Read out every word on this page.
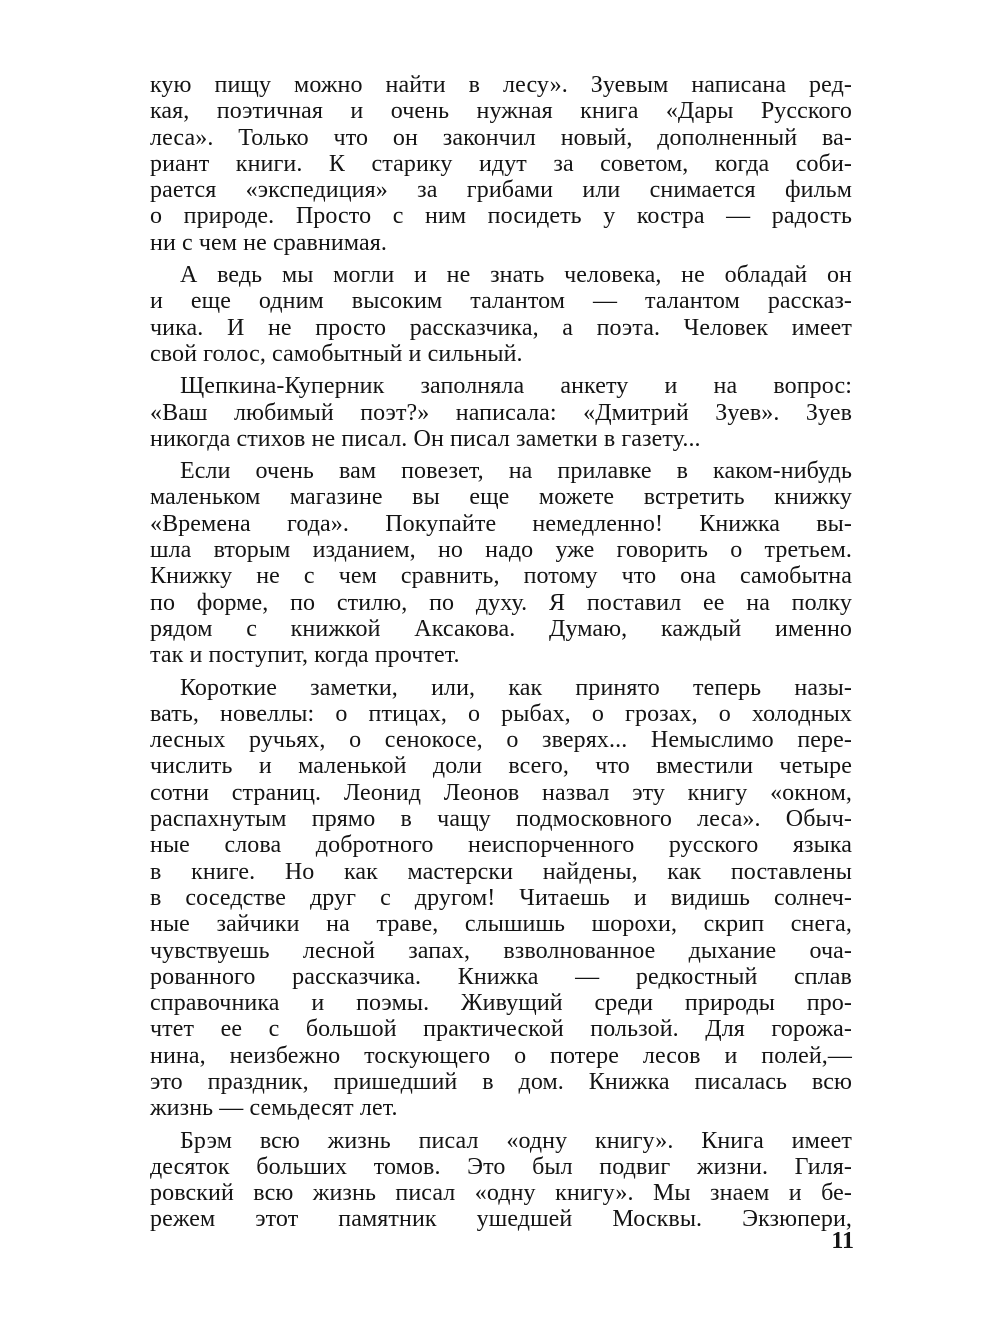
кую пищу можно найти в лесу». Зуевым написана ред-
кая, поэтичная и очень нужная книга «Дары Русского
леса». Только что он закончил новый, дополненный ва-
риант книги. К старику идут за советом, когда соби-
рается «экспедиция» за грибами или снимается фильм
о природе. Просто с ним посидеть у костра — радость
ни с чем не сравнимая.
А ведь мы могли и не знать человека, не обладай он
и еще одним высоким талантом — талантом рассказ-
чика. И не просто рассказчика, а поэта. Человек имеет
свой голос, самобытный и сильный.
Щепкина-Куперник заполняла анкету и на вопрос:
«Ваш любимый поэт?» написала: «Дмитрий Зуев». Зуев
никогда стихов не писал. Он писал заметки в газету...
Если очень вам повезет, на прилавке в каком-нибудь
маленьком магазине вы еще можете встретить книжку
«Времена года». Покупайте немедленно! Книжка вы-
шла вторым изданием, но надо уже говорить о третьем.
Книжку не с чем сравнить, потому что она самобытна
по форме, по стилю, по духу. Я поставил ее на полку
рядом с книжкой Аксакова. Думаю, каждый именно
так и поступит, когда прочтет.
Короткие заметки, или, как принято теперь назы-
вать, новеллы: о птицах, о рыбах, о грозах, о холодных
лесных ручьях, о сенокосе, о зверях... Немыслимо пере-
числить и маленькой доли всего, что вместили четыре
сотни страниц. Леонид Леонов назвал эту книгу «окном,
распахнутым прямо в чащу подмосковного леса». Обыч-
ные слова добротного неиспорченного русского языка
в книге. Но как мастерски найдены, как поставлены
в соседстве друг с другом! Читаешь и видишь солнеч-
ные зайчики на траве, слышишь шорохи, скрип снега,
чувствуешь лесной запах, взволнованное дыхание оча-
рованного рассказчика. Книжка — редкостный сплав
справочника и поэмы. Живущий среди природы про-
чтет ее с большой практической пользой. Для горожа-
нина, неизбежно тоскующего о потере лесов и полей,—
это праздник, пришедший в дом. Книжка писалась всю
жизнь — семьдесят лет.
Брэм всю жизнь писал «одну книгу». Книга имеет
десяток больших томов. Это был подвиг жизни. Гиля-
ровский всю жизнь писал «одну книгу». Мы знаем и бе-
режем этот памятник ушедшей Москвы. Экзюпери,
11
